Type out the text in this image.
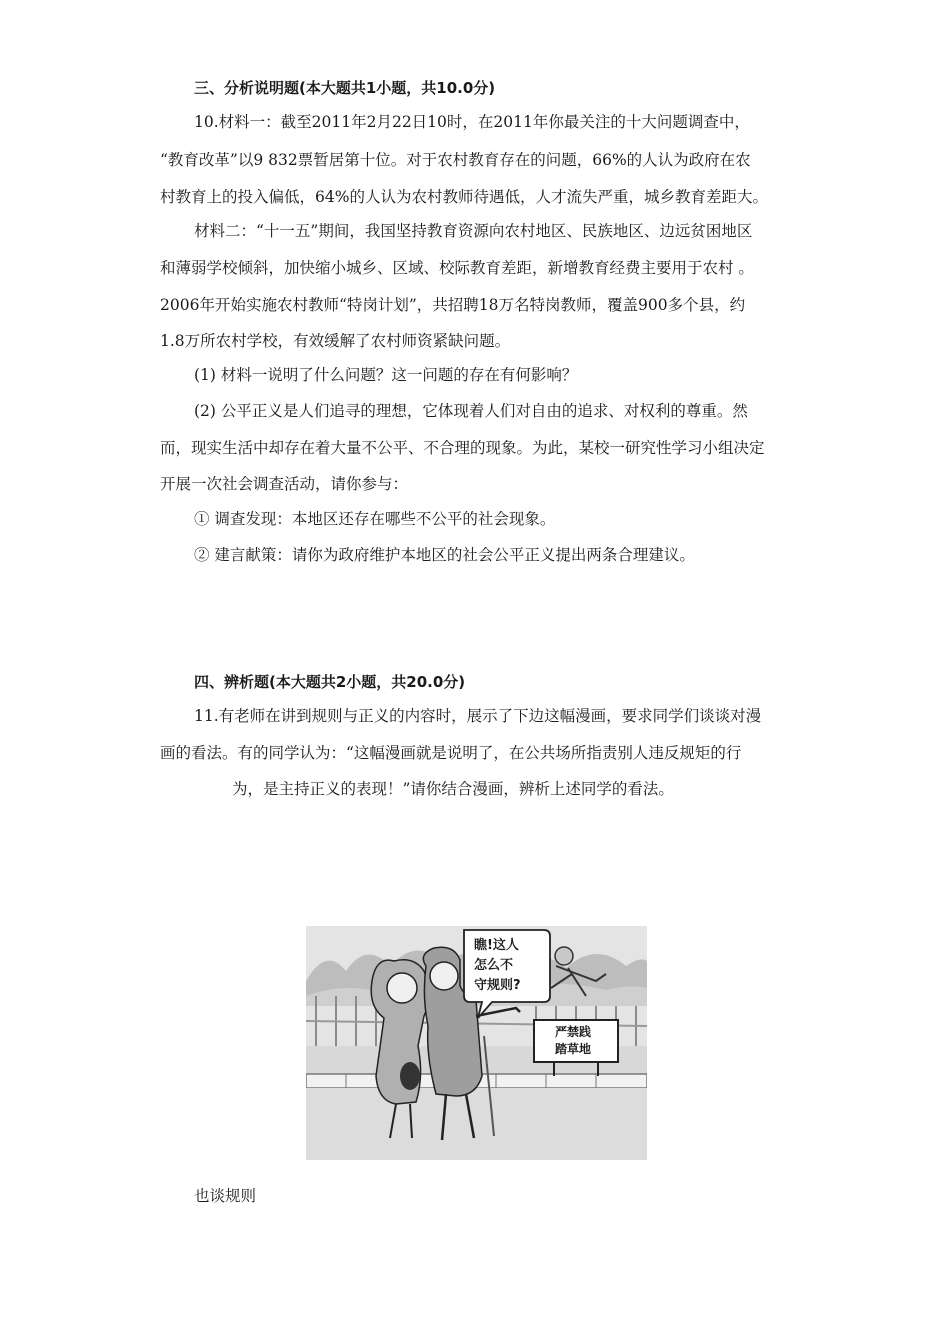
三、分析说明题(本大题共1小题，共10.0分)
10.材料一：截至2011年2月22日10时，在2011年你最关注的十大问题调查中，
“教育改革”以9 832票暂居第十位。对于农村教育存在的问题，66%的人认为政府在农
村教育上的投入偏低，64%的人认为农村教师待遇低，人才流失严重，城乡教育差距大。
材料二：“十一五”期间，我国坚持教育资源向农村地区、民族地区、边远贫困地区
和薄弱学校倾斜，加快缩小城乡、区域、校际教育差距，新增教育经费主要用于农村 。
2006年开始实施农村教师“特岗计划”，共招聘18万名特岗教师，覆盖900多个县，约
1.8万所农村学校，有效缓解了农村师资紧缺问题。
(1) 材料一说明了什么问题？这一问题的存在有何影响？
(2) 公平正义是人们追寻的理想，它体现着人们对自由的追求、对权利的尊重。然
而，现实生活中却存在着大量不公平、不合理的现象。为此，某校一研究性学习小组决定
开展一次社会调查活动，请你参与：
① 调查发现：本地区还存在哪些不公平的社会现象。
② 建言献策：请你为政府维护本地区的社会公平正义提出两条合理建议。
四、辨析题(本大题共2小题，共20.0分)
11.有老师在讲到规则与正义的内容时，展示了下边这幅漫画，要求同学们谈谈对漫
画的看法。有的同学认为：“这幅漫画就是说明了，在公共场所指责别人违反规矩的行
为，是主持正义的表现！”请你结合漫画，辨析上述同学的看法。
瞧!这人
怎么不
守规则?
严禁践
踏草地
也谈规则
